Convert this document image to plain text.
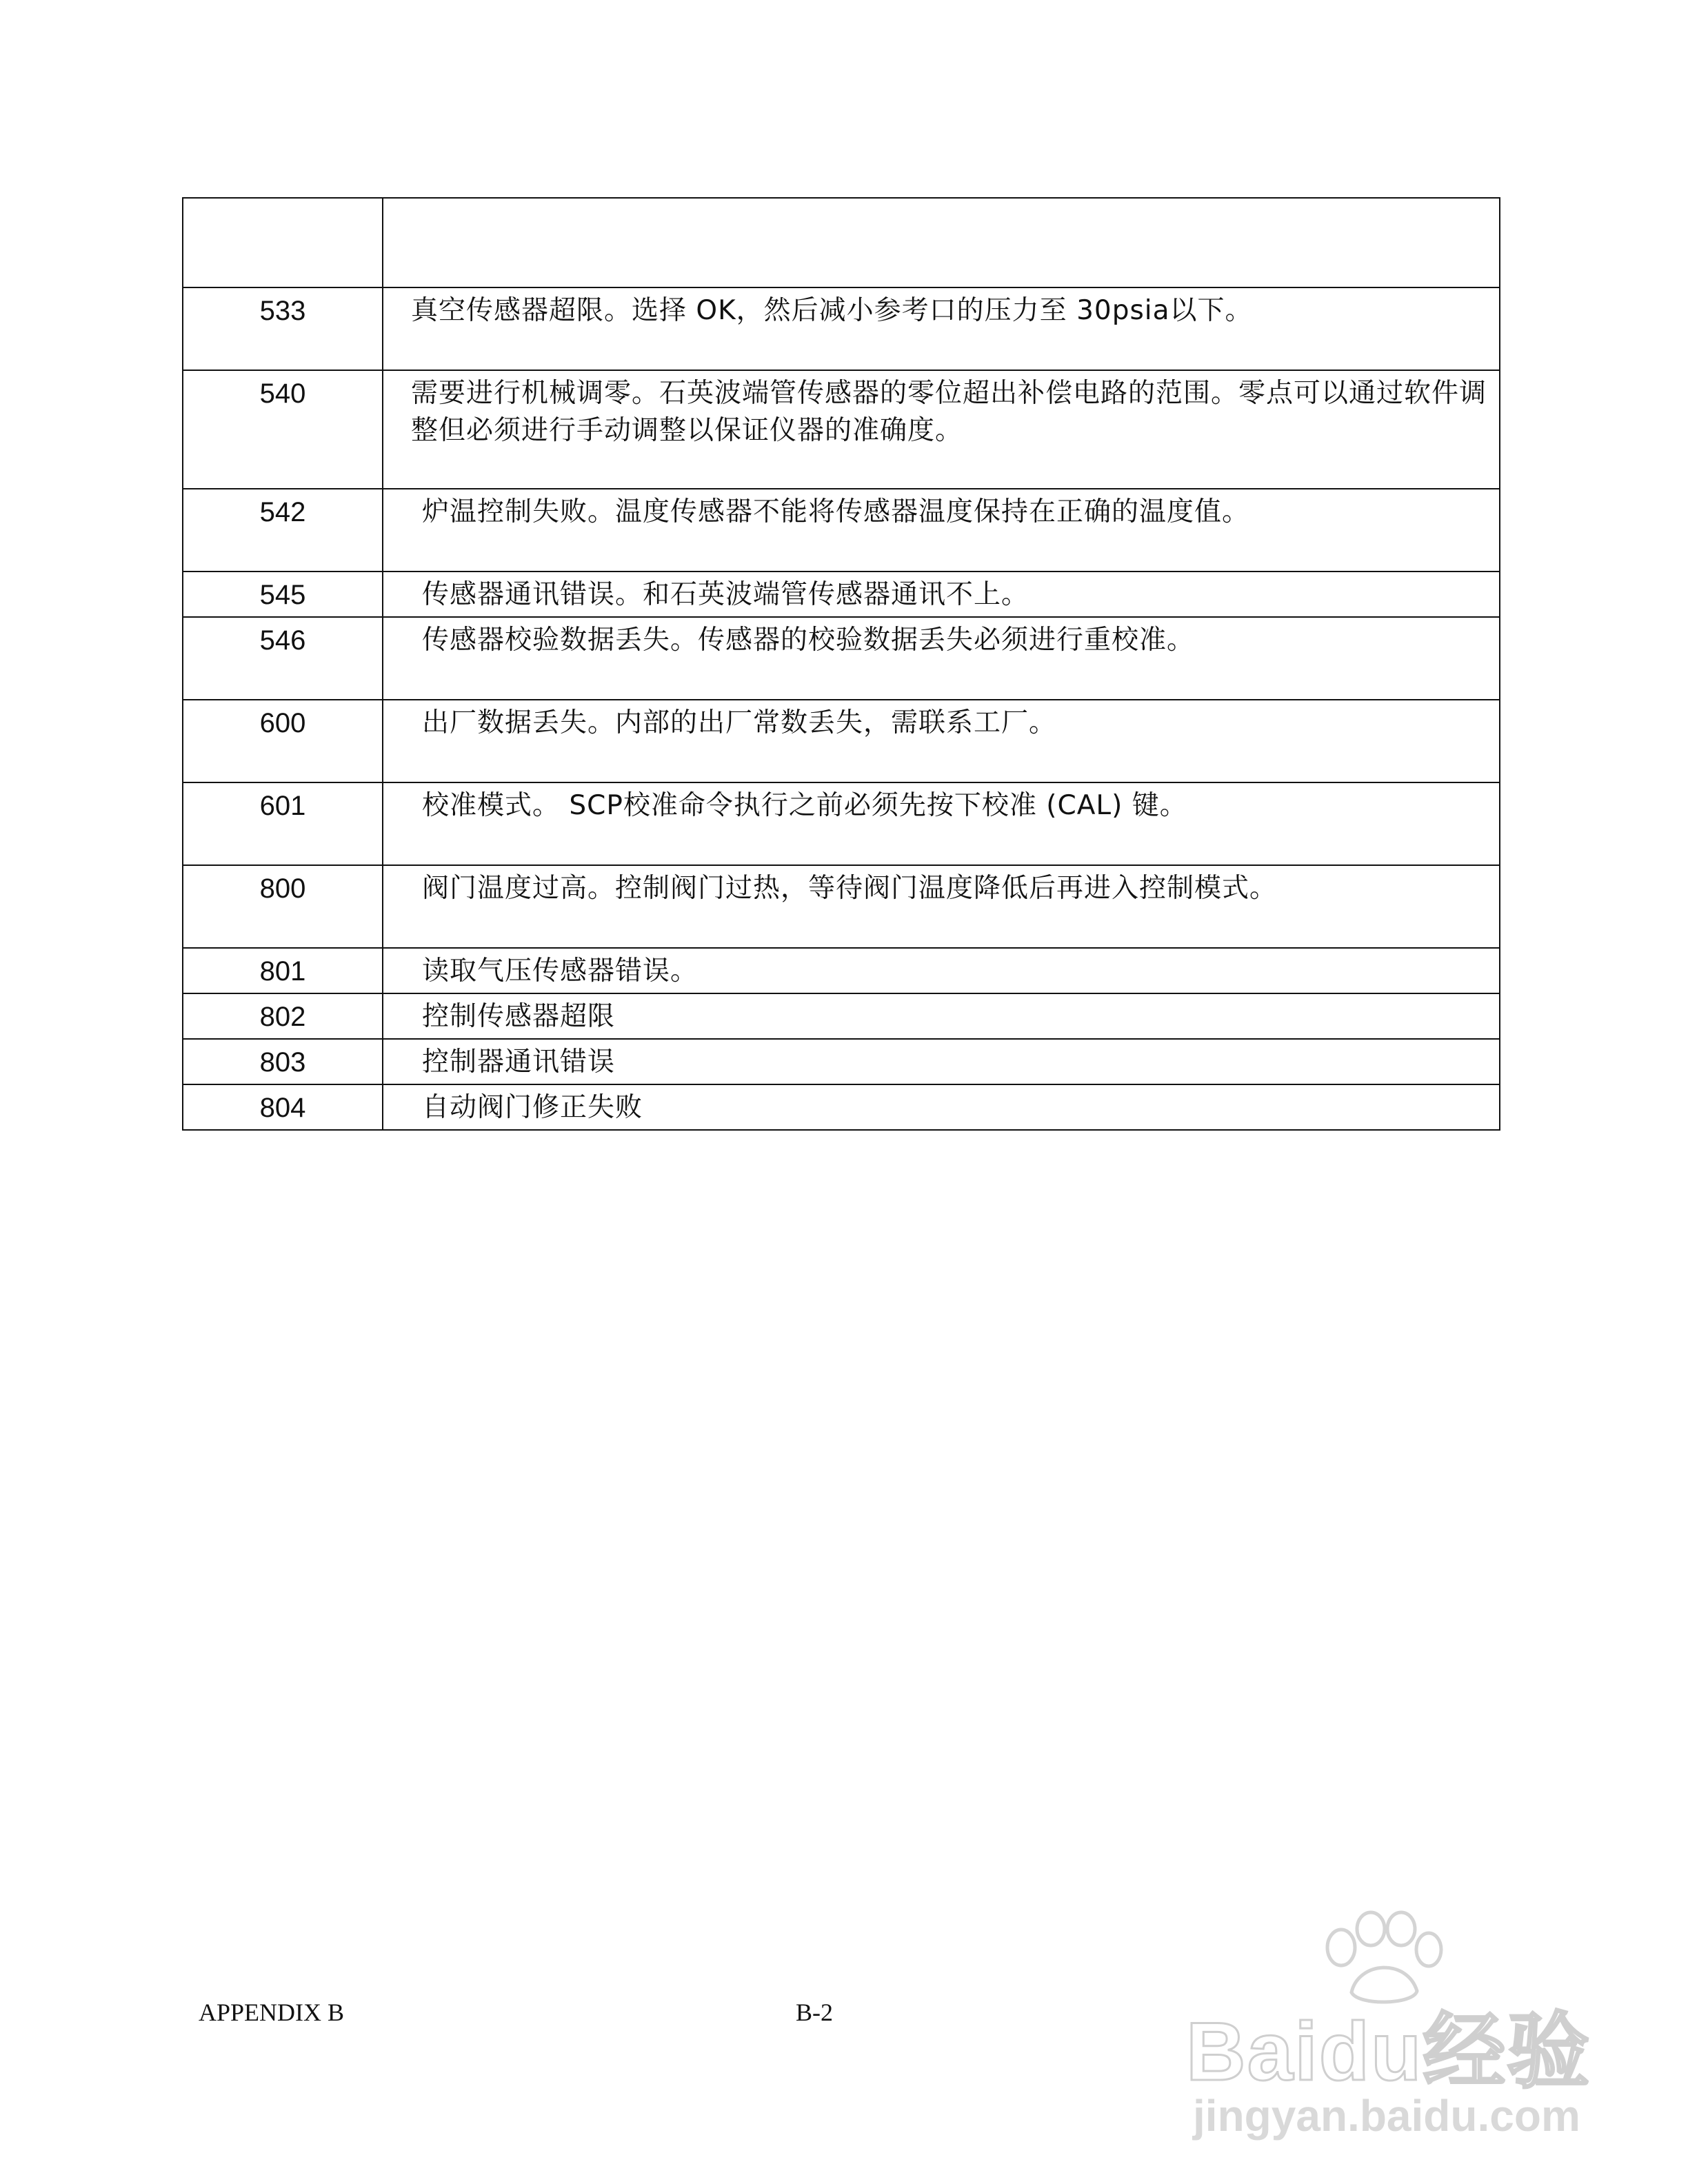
533	真空传感器超限。选择 OK，然后减小参考口的压力至 30psia以下。
540	需要进行机械调零。石英波端管传感器的零位超出补偿电路的范围。零点可以通过软件调整但必须进行手动调整以保证仪器的准确度。
542	炉温控制失败。温度传感器不能将传感器温度保持在正确的温度值。
545	传感器通讯错误。和石英波端管传感器通讯不上。
546	传感器校验数据丢失。传感器的校验数据丢失必须进行重校准。
600	出厂数据丢失。内部的出厂常数丢失，需联系工厂。
601	校准模式。 SCP校准命令执行之前必须先按下校准 (CAL) 键。
800	阀门温度过高。控制阀门过热，等待阀门温度降低后再进入控制模式。
801	读取气压传感器错误。
802	控制传感器超限
803	控制器通讯错误
804	自动阀门修正失败
APPENDIX B	B-2	Baidu经验
jingyan.baidu.com
